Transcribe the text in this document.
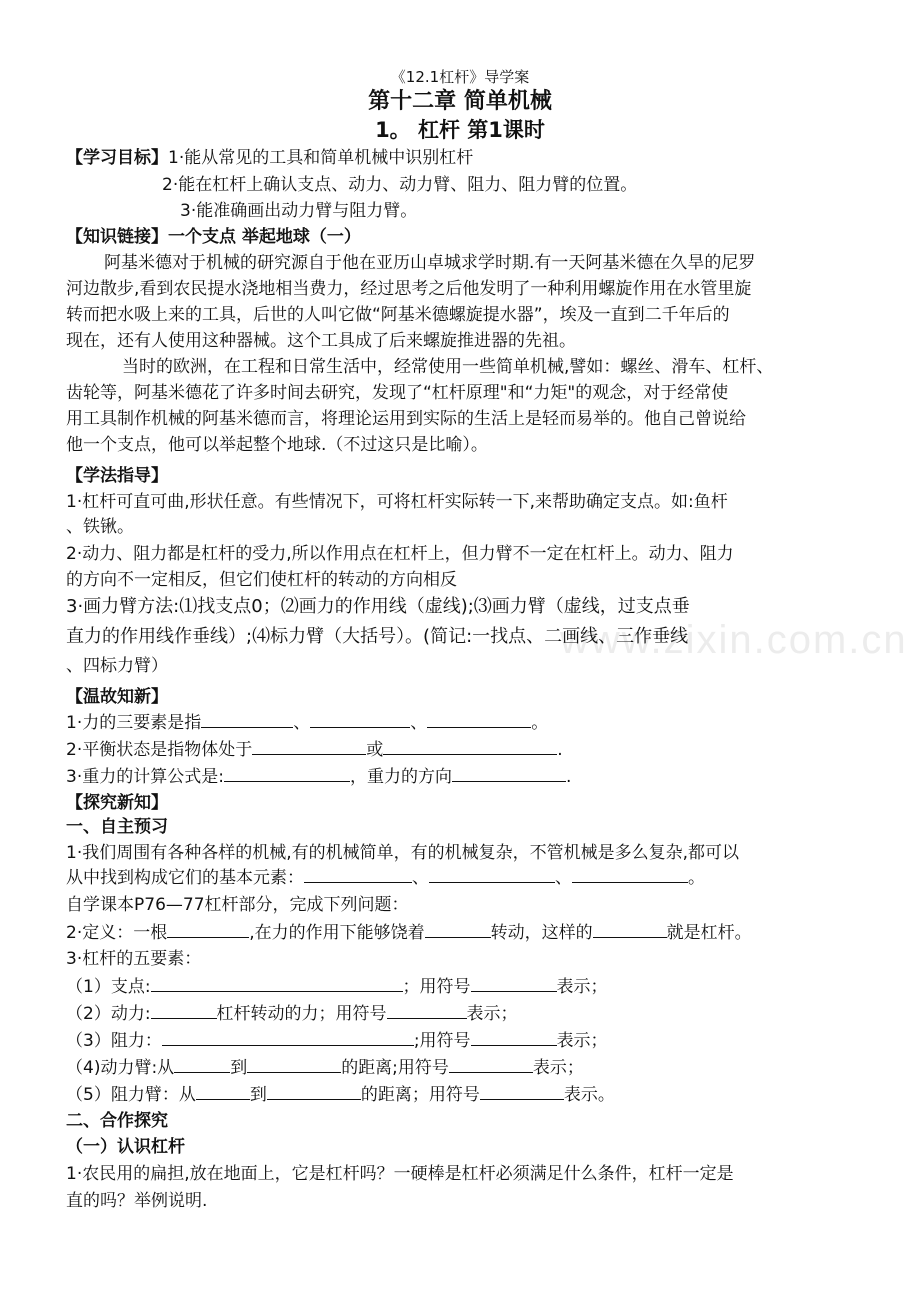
www.zixin.com.cn
《12.1杠杆》导学案
第十二章 简单机械
1。 杠杆 第1课时
【学习目标】1·能从常见的工具和简单机械中识别杠杆
2·能在杠杆上确认支点、动力、动力臂、阻力、阻力臂的位置。
3·能准确画出动力臂与阻力臂。
【知识链接】一个支点 举起地球（一）
阿基米德对于机械的研究源自于他在亚历山卓城求学时期.有一天阿基米德在久旱的尼罗
河边散步,看到农民提水浇地相当费力，经过思考之后他发明了一种利用螺旋作用在水管里旋
转而把水吸上来的工具，后世的人叫它做“阿基米德螺旋提水器”，埃及一直到二千年后的
现在，还有人使用这种器械。这个工具成了后来螺旋推进器的先祖。
当时的欧洲，在工程和日常生活中，经常使用一些简单机械,譬如：螺丝、滑车、杠杆、
齿轮等，阿基米德花了许多时间去研究，发现了“杠杆原理"和“力矩"的观念，对于经常使
用工具制作机械的阿基米德而言，将理论运用到实际的生活上是轻而易举的。他自己曾说给
他一个支点，他可以举起整个地球.（不过这只是比喻）。
【学法指导】
1·杠杆可直可曲,形状任意。有些情况下，可将杠杆实际转一下,来帮助确定支点。如:鱼杆
、铁锹。
2·动力、阻力都是杠杆的受力,所以作用点在杠杆上，但力臂不一定在杠杆上。动力、阻力
的方向不一定相反，但它们使杠杆的转动的方向相反
3·画力臂方法:⑴找支点0；⑵画力的作用线（虚线);⑶画力臂（虚线，过支点垂
直力的作用线作垂线）;⑷标力臂（大括号）。(简记:一找点、二画线、三作垂线
、四标力臂）
【温故知新】
1·力的三要素是指	、	、	。
2·平衡状态是指物体处于	或	.
3·重力的计算公式是:	，重力的方向	.
【探究新知】
一、自主预习
1·我们周围有各种各样的机械,有的机械简单，有的机械复杂，不管机械是多么复杂,都可以
从中找到构成它们的基本元素：	、	、	。
自学课本P76—77杠杆部分，完成下列问题：
2·定义：一根	,在力的作用下能够饶着	转动，这样的	就是杠杆。
3·杠杆的五要素：
（1）支点:	；用符号	表示；
（2）动力:	杠杆转动的力；用符号	表示；
（3）阻力：	;用符号	表示；
（4)动力臂:从	到	的距离;用符号	表示；
（5）阻力臂：从	到	的距离；用符号	表示。
二、合作探究
（一）认识杠杆
1·农民用的扁担,放在地面上，它是杠杆吗？一硬棒是杠杆必须满足什么条件，杠杆一定是
直的吗？举例说明.
